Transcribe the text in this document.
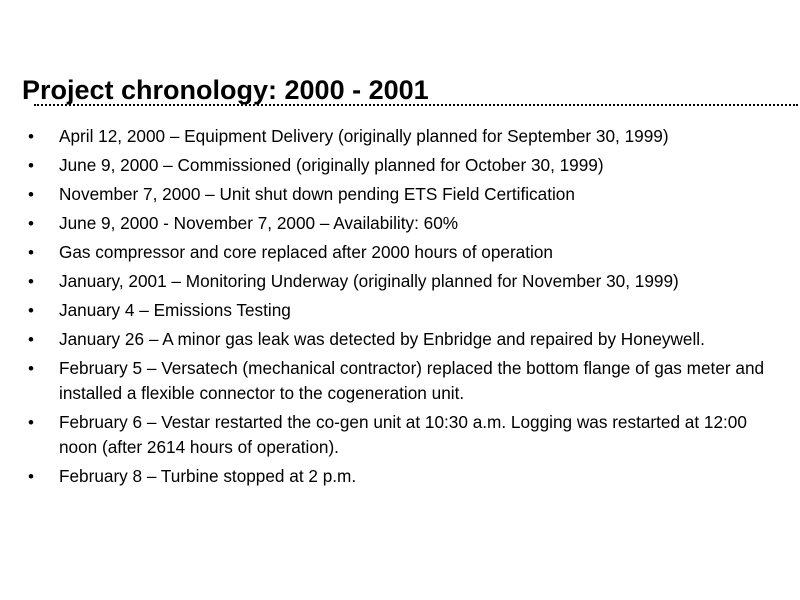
Project chronology: 2000 - 2001
•	April 12, 2000 – Equipment Delivery (originally planned for September 30, 1999)
•	June 9, 2000 – Commissioned (originally planned for October 30, 1999)
•	November 7, 2000 – Unit shut down pending ETS Field Certification
•	June 9, 2000 - November 7, 2000 – Availability: 60%
•	Gas compressor and core replaced after 2000 hours of operation
•	January, 2001 – Monitoring Underway (originally planned for November 30, 1999)
•	January 4 – Emissions Testing
•	January 26 – A minor gas leak was detected by Enbridge and repaired by Honeywell.
•	February 5 – Versatech (mechanical contractor) replaced the bottom flange of gas meter and installed a flexible connector to the cogeneration unit.
•	February 6 – Vestar restarted the co-gen unit at 10:30 a.m. Logging was restarted at 12:00 noon (after 2614 hours of operation).
•	February 8 – Turbine stopped at 2 p.m.
